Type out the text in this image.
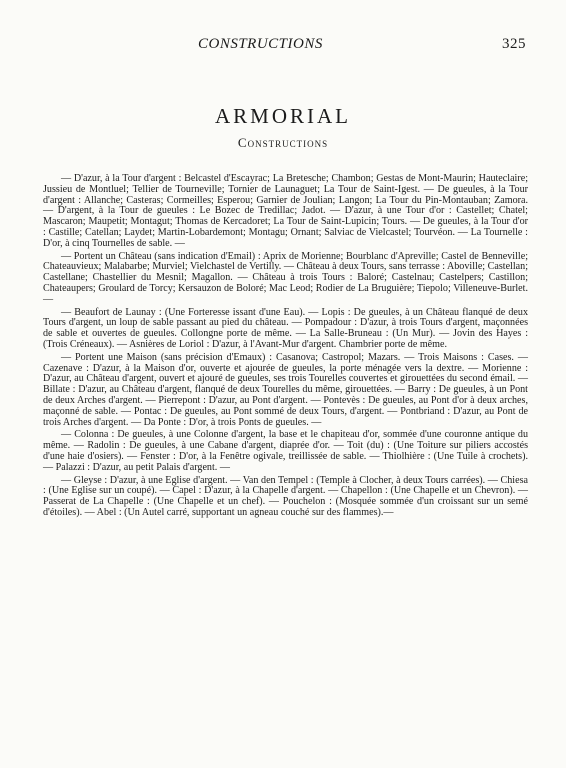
CONSTRUCTIONS	325
ARMORIAL
Constructions

— D'azur, à la Tour d'argent : Belcastel d'Escayrac; La Bretesche; Chambon; Gestas de Mont-Maurin; Hauteclaire; Jussieu de Montluel; Tellier de Tourneville; Tornier de Launaguet; La Tour de Saint-Igest. — De gueules, à la Tour d'argent : Allanche; Casteras; Cormeilles; Esperou; Garnier de Joulian; Langon; La Tour du Pin-Montauban; Zamora. — D'argent, à la Tour de gueules : Le Bozec de Tredillac; Jadot. — D'azur, à une Tour d'or : Castellet; Chatel; Mascaron; Maupetit; Montagut; Thomas de Kercadoret; La Tour de Saint-Lupicin; Tours. — De gueules, à la Tour d'or : Castille; Catellan; Laydet; Martin-Lobardemont; Montagu; Ornant; Salviac de Vielcastel; Tourvéon. — La Tournelle : D'or, à cinq Tournelles de sable. —

— Portent un Château (sans indication d'Email) : Aprix de Morienne; Bourblanc d'Apreville; Castel de Benneville; Chateauvieux; Malabarbe; Murviel; Vielchastel de Vertilly. — Château à deux Tours, sans terrasse : Aboville; Castellan; Castellane; Chastellier du Mesnil; Magallon. — Château à trois Tours : Baloré; Castelnau; Castelpers; Castillon; Chateaupers; Groulard de Torcy; Kersauzon de Boloré; Mac Leod; Rodier de La Bruguière; Tiepolo; Villeneuve-Burlet. —

— Beaufort de Launay : (Une Forteresse issant d'une Eau). — Lopis : De gueules, à un Château flanqué de deux Tours d'argent, un loup de sable passant au pied du château. — Pompadour : D'azur, à trois Tours d'argent, maçonnées de sable et ouvertes de gueules. Collongne porte de même. — La Salle-Bruneau : (Un Mur). — Jovin des Hayes : (Trois Créneaux). — Asnières de Loriol : D'azur, à l'Avant-Mur d'argent. Chambrier porte de même.

— Portent une Maison (sans précision d'Emaux) : Casanova; Castropol; Mazars. — Trois Maisons : Cases. — Cazenave : D'azur, à la Maison d'or, ouverte et ajourée de gueules, la porte ménagée vers la dextre. — Morienne : D'azur, au Château d'argent, ouvert et ajouré de gueules, ses trois Tourelles couvertes et girouettées du second émail. — Billate : D'azur, au Château d'argent, flanqué de deux Tourelles du même, girouettées. — Barry : De gueules, à un Pont de deux Arches d'argent. — Pierrepont : D'azur, au Pont d'argent. — Pontevès : De gueules, au Pont d'or à deux arches, maçonné de sable. — Pontac : De gueules, au Pont sommé de deux Tours, d'argent. — Pontbriand : D'azur, au Pont de trois Arches d'argent. — Da Ponte : D'or, à trois Ponts de gueules. —

— Colonna : De gueules, à une Colonne d'argent, la base et le chapiteau d'or, sommée d'une couronne antique du même. — Radolin : De gueules, à une Cabane d'argent, diaprée d'or. — Toit (du) : (Une Toiture sur piliers accostés d'une haie d'osiers). — Fenster : D'or, à la Fenêtre ogivale, treillissée de sable. — Thiolhière : (Une Tuile à crochets). — Palazzi : D'azur, au petit Palais d'argent. —

— Gleyse : D'azur, à une Eglise d'argent. — Van den Tempel : (Temple à Clocher, à deux Tours carrées). — Chiesa : (Une Eglise sur un coupé). — Capel : D'azur, à la Chapelle d'argent. — Chapellon : (Une Chapelle et un Chevron). — Passerat de La Chapelle : (Une Chapelle et un chef). — Pouchelon : (Mosquée sommée d'un croissant sur un semé d'étoiles). — Abel : (Un Autel carré, supportant un agneau couché sur des flammes).—
